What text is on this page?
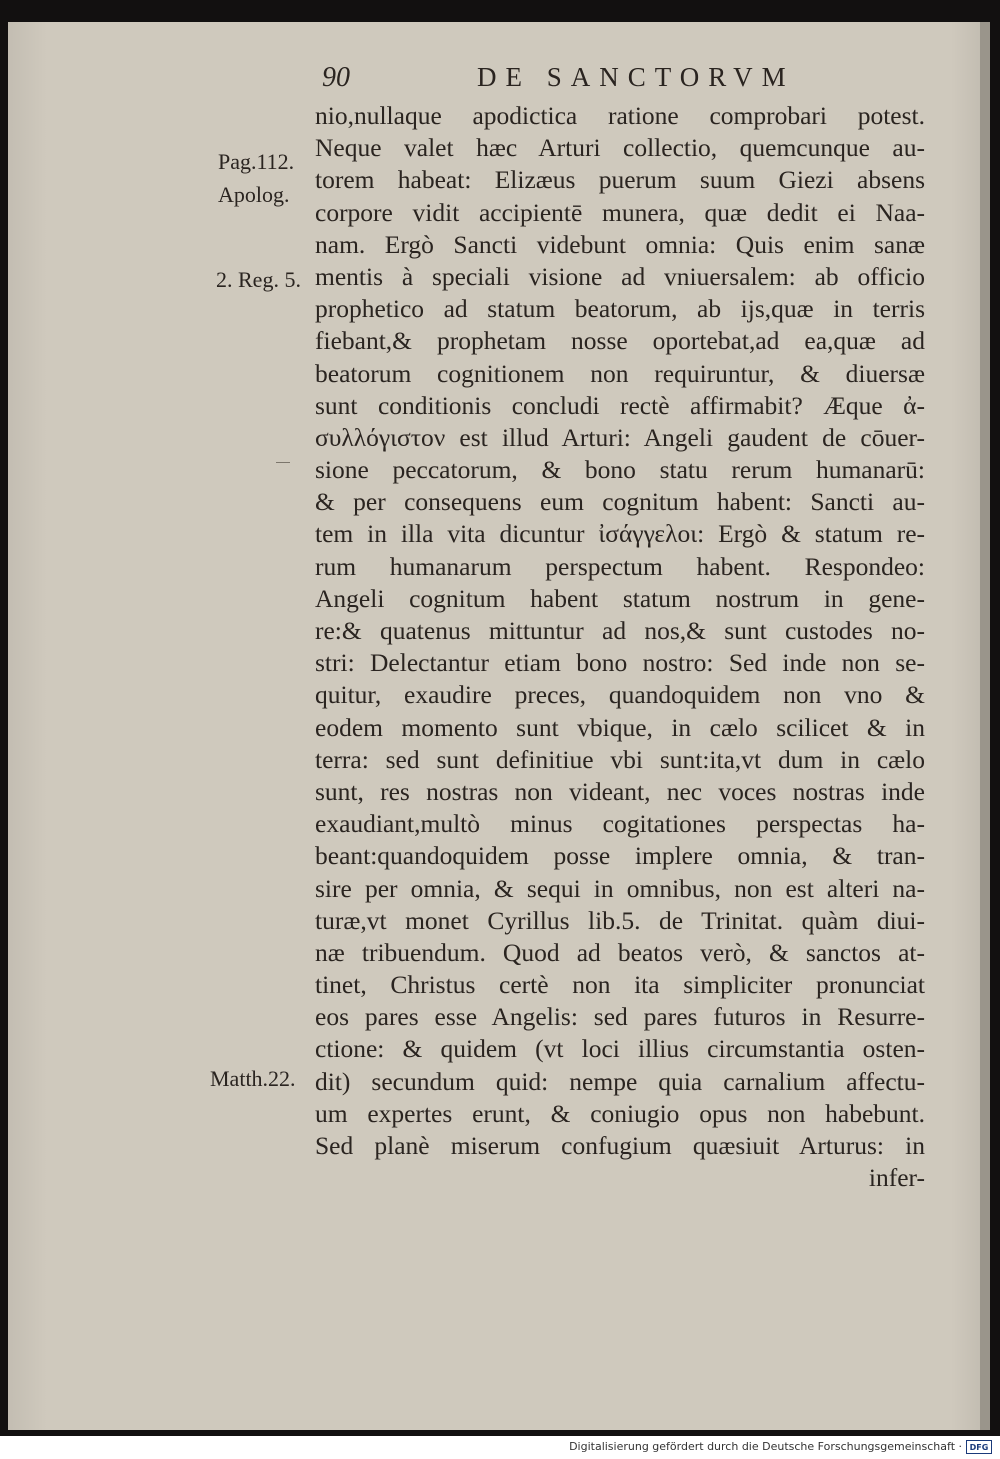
90	DE SANCTORVM
Pag.112.
Apolog.
2. Reg. 5.
Matth.22.
nio,nullaque apodictica ratione comprobari potest.
Neque valet hæc Arturi collectio, quemcunque au-
torem habeat: Elizæus puerum suum Giezi absens
corpore vidit accipientē munera, quæ dedit ei Naa-
nam. Ergò Sancti videbunt omnia: Quis enim sanæ
mentis à speciali visione ad vniuersalem: ab officio
prophetico ad statum beatorum, ab ijs,quæ in terris
fiebant,& prophetam nosse oportebat,ad ea,quæ ad
beatorum cognitionem non requiruntur, & diuersæ
sunt conditionis concludi rectè affirmabit? Æque ἀ-
συλλόγιστον est illud Arturi: Angeli gaudent de cōuer-
sione peccatorum, & bono statu rerum humanarū:
& per consequens eum cognitum habent: Sancti au-
tem in illa vita dicuntur ἰσάγγελοι: Ergò & statum re-
rum humanarum perspectum habent. Respondeo:
Angeli cognitum habent statum nostrum in gene-
re:& quatenus mittuntur ad nos,& sunt custodes no-
stri: Delectantur etiam bono nostro: Sed inde non se-
quitur, exaudire preces, quandoquidem non vno &
eodem momento sunt vbique, in cælo scilicet & in
terra: sed sunt definitiue vbi sunt:ita,vt dum in cælo
sunt, res nostras non videant, nec voces nostras inde
exaudiant,multò minus cogitationes perspectas ha-
beant:quandoquidem posse implere omnia, & tran-
sire per omnia, & sequi in omnibus, non est alteri na-
turæ,vt monet Cyrillus lib.5. de Trinitat. quàm diui-
næ tribuendum. Quod ad beatos verò, & sanctos at-
tinet, Christus certè non ita simpliciter pronunciat
eos pares esse Angelis: sed pares futuros in Resurre-
ctione: & quidem (vt loci illius circumstantia osten-
dit) secundum quid: nempe quia carnalium affectu-
um expertes erunt, & coniugio opus non habebunt.
Sed planè miserum confugium quæsiuit Arturus: in
infer-
Digitalisierung gefördert durch die Deutsche Forschungsgemeinschaft · DFG
